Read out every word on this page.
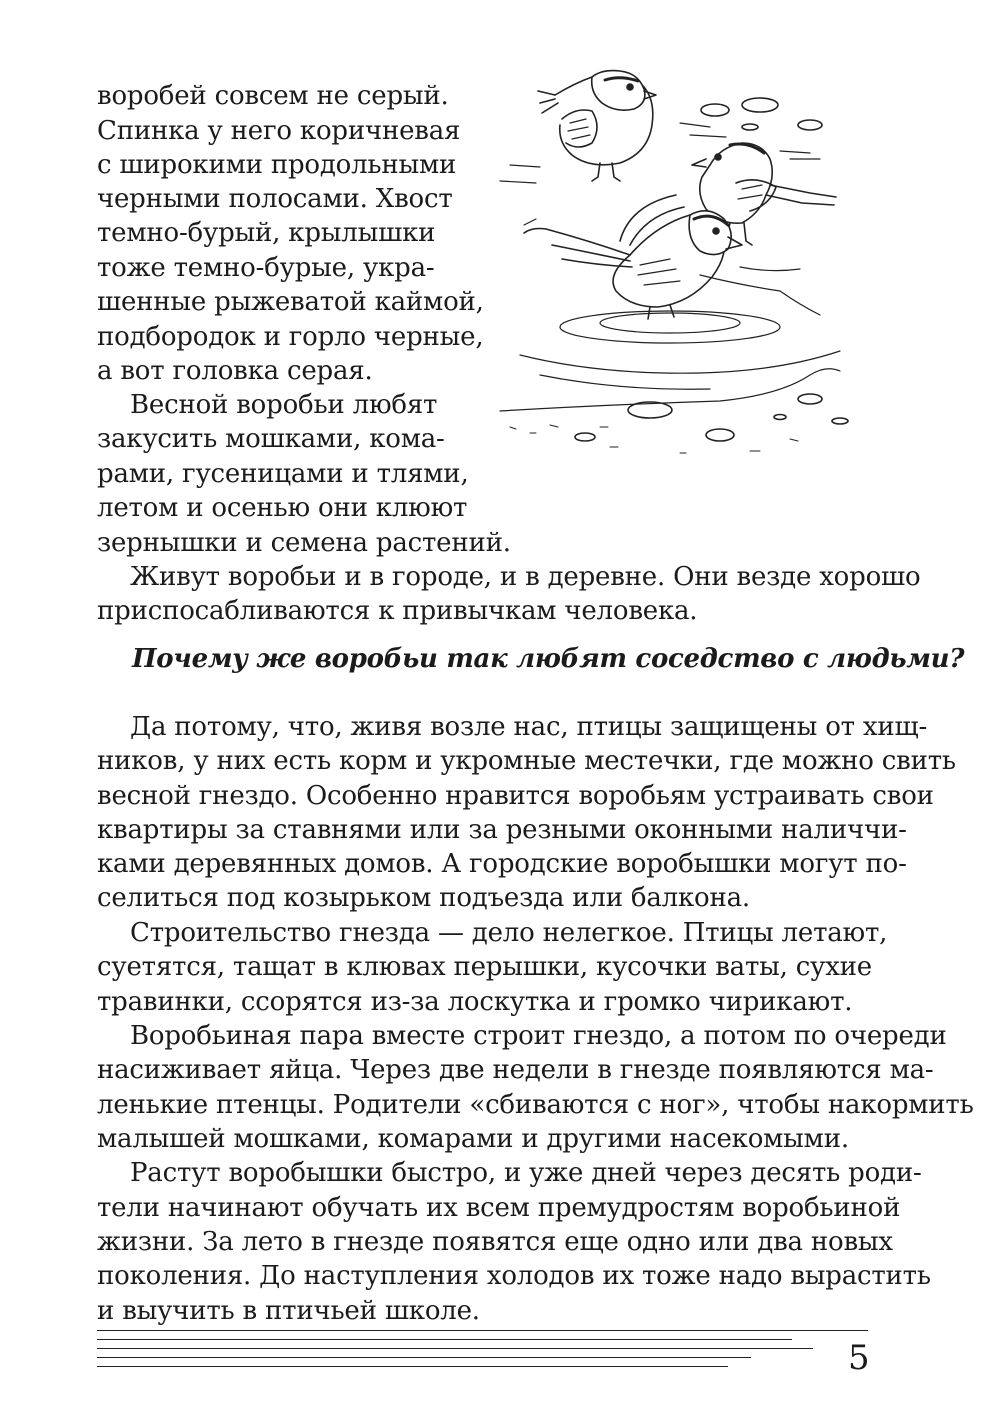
воробей совсем не серый.
Спинка у него коричневая
с широкими продольными
черными полосами. Хвост
темно-бурый, крылышки
тоже темно-бурые, укра-
шенные рыжеватой каймой,
подбородок и горло черные,
а вот головка серая.
Весной воробьи любят
закусить мошками, кома-
рами, гусеницами и тлями,
летом и осенью они клюют
зернышки и семена растений.
Живут воробьи и в городе, и в деревне. Они везде хорошо
приспосабливаются к привычкам человека.
Почему же воробьи так любят соседство с людьми?
Да потому, что, живя возле нас, птицы защищены от хищ-
ников, у них есть корм и укромные местечки, где можно свить
весной гнездо. Особенно нравится воробьям устраивать свои
квартиры за ставнями или за резными оконными наличчи-
ками деревянных домов. А городские воробышки могут по-
селиться под козырьком подъезда или балкона.
Строительство гнезда — дело нелегкое. Птицы летают,
суетятся, тащат в клювах перышки, кусочки ваты, сухие
травинки, ссорятся из-за лоскутка и громко чирикают.
Воробьиная пара вместе строит гнездо, а потом по очереди
насиживает яйца. Через две недели в гнезде появляются ма-
ленькие птенцы. Родители «сбиваются с ног», чтобы накормить
малышей мошками, комарами и другими насекомыми.
Растут воробышки быстро, и уже дней через десять роди-
тели начинают обучать их всем премудростям воробьиной
жизни. За лето в гнезде появятся еще одно или два новых
поколения. До наступления холодов их тоже надо вырастить
и выучить в птичьей школе.
5
